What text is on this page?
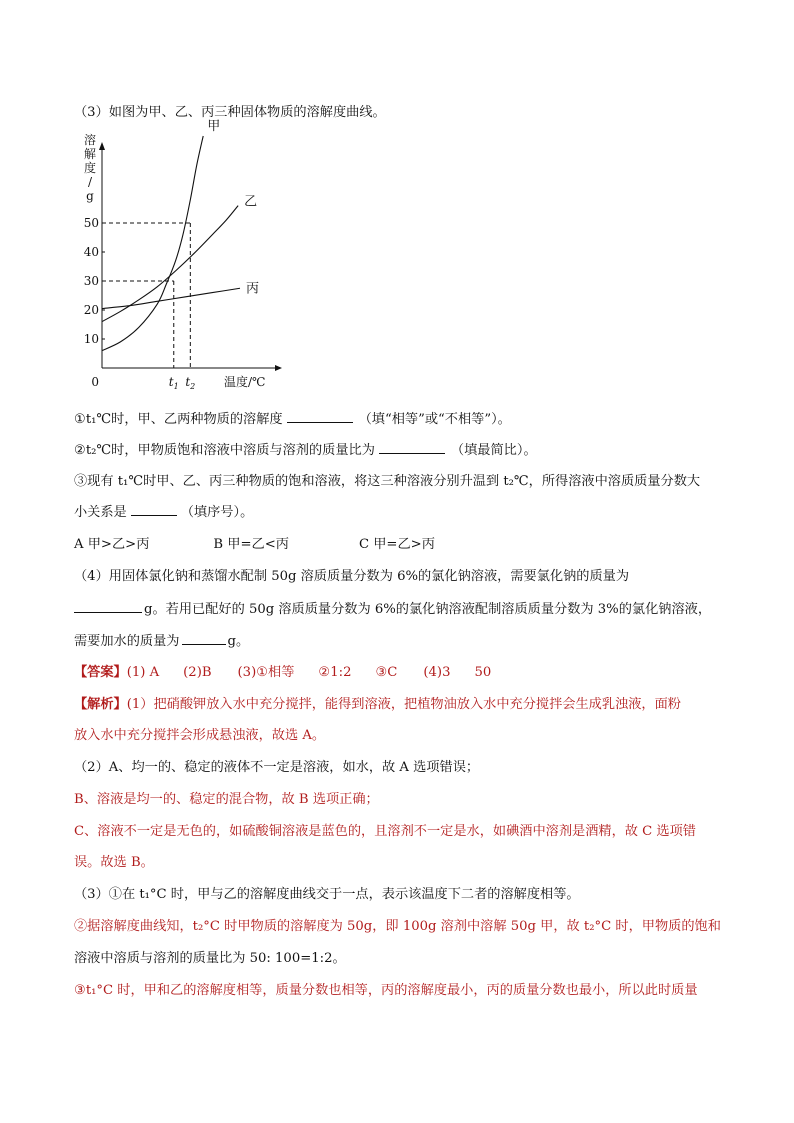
（3）如图为甲、乙、丙三种固体物质的溶解度曲线。
溶
解
度
/
g
10
20
30
40
50
0	温度/℃
$t_1$ $t_2$
甲
乙
丙
①t₁℃时，甲、乙两种物质的溶解度	（填“相等”或“不相等”）。
②t₂℃时，甲物质饱和溶液中溶质与溶剂的质量比为	（填最简比）。
③现有 t₁℃时甲、乙、丙三种物质的饱和溶液，将这三种溶液分别升温到 t₂℃，所得溶液中溶质质量分数大
小关系是	（填序号）。
A 甲>乙>丙	B 甲=乙<丙	C 甲=乙>丙
（4）用固体氯化钠和蒸馏水配制 50g 溶质质量分数为 6%的氯化钠溶液，需要氯化钠的质量为
g。若用已配好的 50g 溶质质量分数为 6%的氯化钠溶液配制溶质质量分数为 3%的氯化钠溶液，
需要加水的质量为	g。
【答案】(1) A (2)B (3)①相等 ②1:2 ③C (4)3 50
【解析】(1）把硝酸钾放入水中充分搅拌，能得到溶液，把植物油放入水中充分搅拌会生成乳浊液，面粉
放入水中充分搅拌会形成悬浊液，故选 A。
（2）A、均一的、稳定的液体不一定是溶液，如水，故 A 选项错误；
B、溶液是均一的、稳定的混合物，故 B 选项正确；
C、溶液不一定是无色的，如硫酸铜溶液是蓝色的，且溶剂不一定是水，如碘酒中溶剂是酒精，故 C 选项错
误。故选 B。
（3）①在 t₁°C 时，甲与乙的溶解度曲线交于一点，表示该温度下二者的溶解度相等。
②据溶解度曲线知，t₂°C 时甲物质的溶解度为 50g，即 100g 溶剂中溶解 50g 甲，故 t₂°C 时，甲物质的饱和
溶液中溶质与溶剂的质量比为 50: 100=1:2。
③t₁°C 时，甲和乙的溶解度相等，质量分数也相等，丙的溶解度最小，丙的质量分数也最小，所以此时质量
